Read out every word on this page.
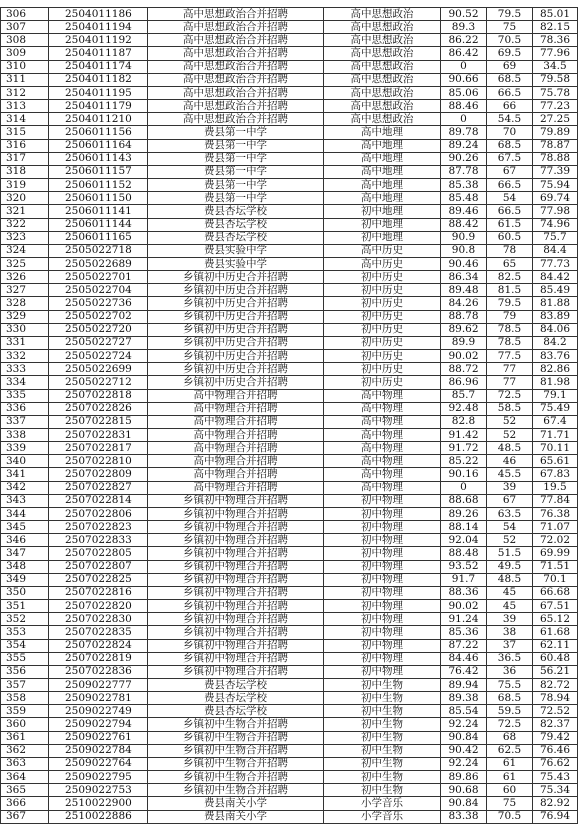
306	2504011186	高中思想政治合并招聘	高中思想政治	90.52	79.5	85.01
307	2504011194	高中思想政治合并招聘	高中思想政治	89.3	75	82.15
308	2504011192	高中思想政治合并招聘	高中思想政治	86.22	70.5	78.36
309	2504011187	高中思想政治合并招聘	高中思想政治	86.42	69.5	77.96
310	2504011174	高中思想政治合并招聘	高中思想政治	0	69	34.5
311	2504011182	高中思想政治合并招聘	高中思想政治	90.66	68.5	79.58
312	2504011195	高中思想政治合并招聘	高中思想政治	85.06	66.5	75.78
313	2504011179	高中思想政治合并招聘	高中思想政治	88.46	66	77.23
314	2504011210	高中思想政治合并招聘	高中思想政治	0	54.5	27.25
315	2506011156	费县第一中学	高中地理	89.78	70	79.89
316	2506011164	费县第一中学	高中地理	89.24	68.5	78.87
317	2506011143	费县第一中学	高中地理	90.26	67.5	78.88
318	2506011157	费县第一中学	高中地理	87.78	67	77.39
319	2506011152	费县第一中学	高中地理	85.38	66.5	75.94
320	2506011150	费县第一中学	高中地理	85.48	54	69.74
321	2506011141	费县杏坛学校	初中地理	89.46	66.5	77.98
322	2506011144	费县杏坛学校	初中地理	88.42	61.5	74.96
323	2506011165	费县杏坛学校	初中地理	90.9	60.5	75.7
324	2505022718	费县实验中学	高中历史	90.8	78	84.4
325	2505022689	费县实验中学	高中历史	90.46	65	77.73
326	2505022701	乡镇初中历史合并招聘	初中历史	86.34	82.5	84.42
327	2505022704	乡镇初中历史合并招聘	初中历史	89.48	81.5	85.49
328	2505022736	乡镇初中历史合并招聘	初中历史	84.26	79.5	81.88
329	2505022702	乡镇初中历史合并招聘	初中历史	88.78	79	83.89
330	2505022720	乡镇初中历史合并招聘	初中历史	89.62	78.5	84.06
331	2505022727	乡镇初中历史合并招聘	初中历史	89.9	78.5	84.2
332	2505022724	乡镇初中历史合并招聘	初中历史	90.02	77.5	83.76
333	2505022699	乡镇初中历史合并招聘	初中历史	88.72	77	82.86
334	2505022712	乡镇初中历史合并招聘	初中历史	86.96	77	81.98
335	2507022818	高中物理合并招聘	高中物理	85.7	72.5	79.1
336	2507022826	高中物理合并招聘	高中物理	92.48	58.5	75.49
337	2507022815	高中物理合并招聘	高中物理	82.8	52	67.4
338	2507022831	高中物理合并招聘	高中物理	91.42	52	71.71
339	2507022817	高中物理合并招聘	高中物理	91.72	48.5	70.11
340	2507022810	高中物理合并招聘	高中物理	85.22	46	65.61
341	2507022809	高中物理合并招聘	高中物理	90.16	45.5	67.83
342	2507022827	高中物理合并招聘	高中物理	0	39	19.5
343	2507022814	乡镇初中物理合并招聘	初中物理	88.68	67	77.84
344	2507022806	乡镇初中物理合并招聘	初中物理	89.26	63.5	76.38
345	2507022823	乡镇初中物理合并招聘	初中物理	88.14	54	71.07
346	2507022833	乡镇初中物理合并招聘	初中物理	92.04	52	72.02
347	2507022805	乡镇初中物理合并招聘	初中物理	88.48	51.5	69.99
348	2507022807	乡镇初中物理合并招聘	初中物理	93.52	49.5	71.51
349	2507022825	乡镇初中物理合并招聘	初中物理	91.7	48.5	70.1
350	2507022816	乡镇初中物理合并招聘	初中物理	88.36	45	66.68
351	2507022820	乡镇初中物理合并招聘	初中物理	90.02	45	67.51
352	2507022830	乡镇初中物理合并招聘	初中物理	91.24	39	65.12
353	2507022835	乡镇初中物理合并招聘	初中物理	85.36	38	61.68
354	2507022824	乡镇初中物理合并招聘	初中物理	87.22	37	62.11
355	2507022819	乡镇初中物理合并招聘	初中物理	84.46	36.5	60.48
356	2507022836	乡镇初中物理合并招聘	初中物理	76.42	36	56.21
357	2509022777	费县杏坛学校	初中生物	89.94	75.5	82.72
358	2509022781	费县杏坛学校	初中生物	89.38	68.5	78.94
359	2509022749	费县杏坛学校	初中生物	85.54	59.5	72.52
360	2509022794	乡镇初中生物合并招聘	初中生物	92.24	72.5	82.37
361	2509022761	乡镇初中生物合并招聘	初中生物	90.84	68	79.42
362	2509022784	乡镇初中生物合并招聘	初中生物	90.42	62.5	76.46
363	2509022764	乡镇初中生物合并招聘	初中生物	92.24	61	76.62
364	2509022795	乡镇初中生物合并招聘	初中生物	89.86	61	75.43
365	2509022753	乡镇初中生物合并招聘	初中生物	90.68	60	75.34
366	2510022900	费县南关小学	小学音乐	90.84	75	82.92
367	2510022886	费县南关小学	小学音乐	83.38	70.5	76.94
